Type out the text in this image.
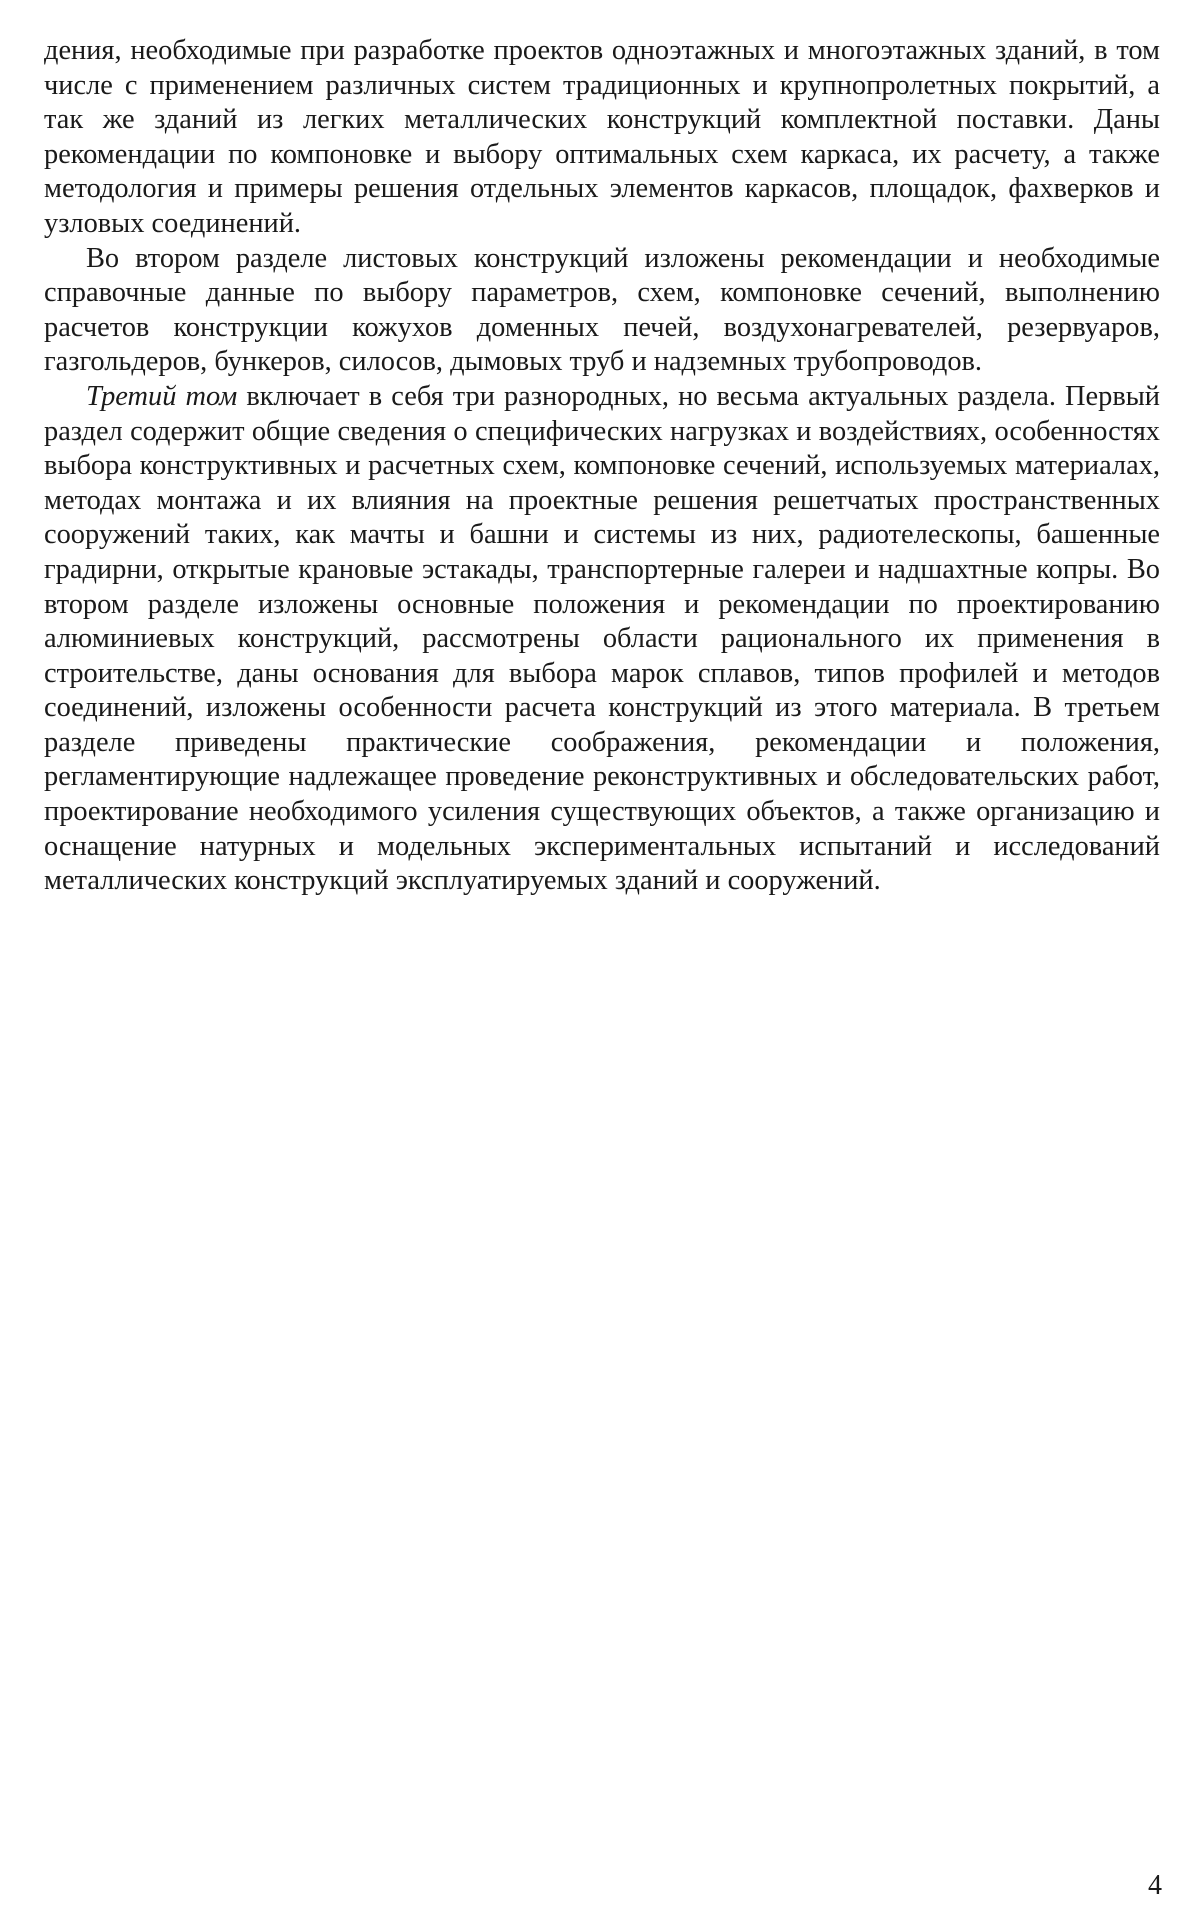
дения, необходимые при разработке проектов одноэтажных и многоэтажных зданий, в том числе с применением различных систем традиционных и крупнопролетных покрытий, а так же зданий из легких металлических конструкций комплектной поставки. Даны рекомендации по компоновке и выбору оптимальных схем каркаса, их расчету, а также методология и примеры решения отдельных элементов каркасов, площадок, фахверков и узловых соединений.

Во втором разделе листовых конструкций изложены рекомендации и необходимые справочные данные по выбору параметров, схем, компоновке сечений, выполнению расчетов конструкции кожухов доменных печей, воздухонагревателей, резервуаров, газгольдеров, бункеров, силосов, дымовых труб и надземных трубопроводов.

Третий том включает в себя три разнородных, но весьма актуальных раздела. Первый раздел содержит общие сведения о специфических нагрузках и воздействиях, особенностях выбора конструктивных и расчетных схем, компоновке сечений, используемых материалах, методах монтажа и их влияния на проектные решения решетчатых пространственных сооружений таких, как мачты и башни и системы из них, радиотелескопы, башенные градирни, открытые крановые эстакады, транспортерные галереи и надшахтные копры. Во втором разделе изложены основные положения и рекомендации по проектированию алюминиевых конструкций, рассмотрены области рационального их применения в строительстве, даны основания для выбора марок сплавов, типов профилей и методов соединений, изложены особенности расчета конструкций из этого материала. В третьем разделе приведены практические соображения, рекомендации и положения, регламентирующие надлежащее проведение реконструктивных и обследовательских работ, проектирование необходимого усиления существующих объектов, а также организацию и оснащение натурных и модельных экспериментальных испытаний и исследований металлических конструкций эксплуатируемых зданий и сооружений.

4
